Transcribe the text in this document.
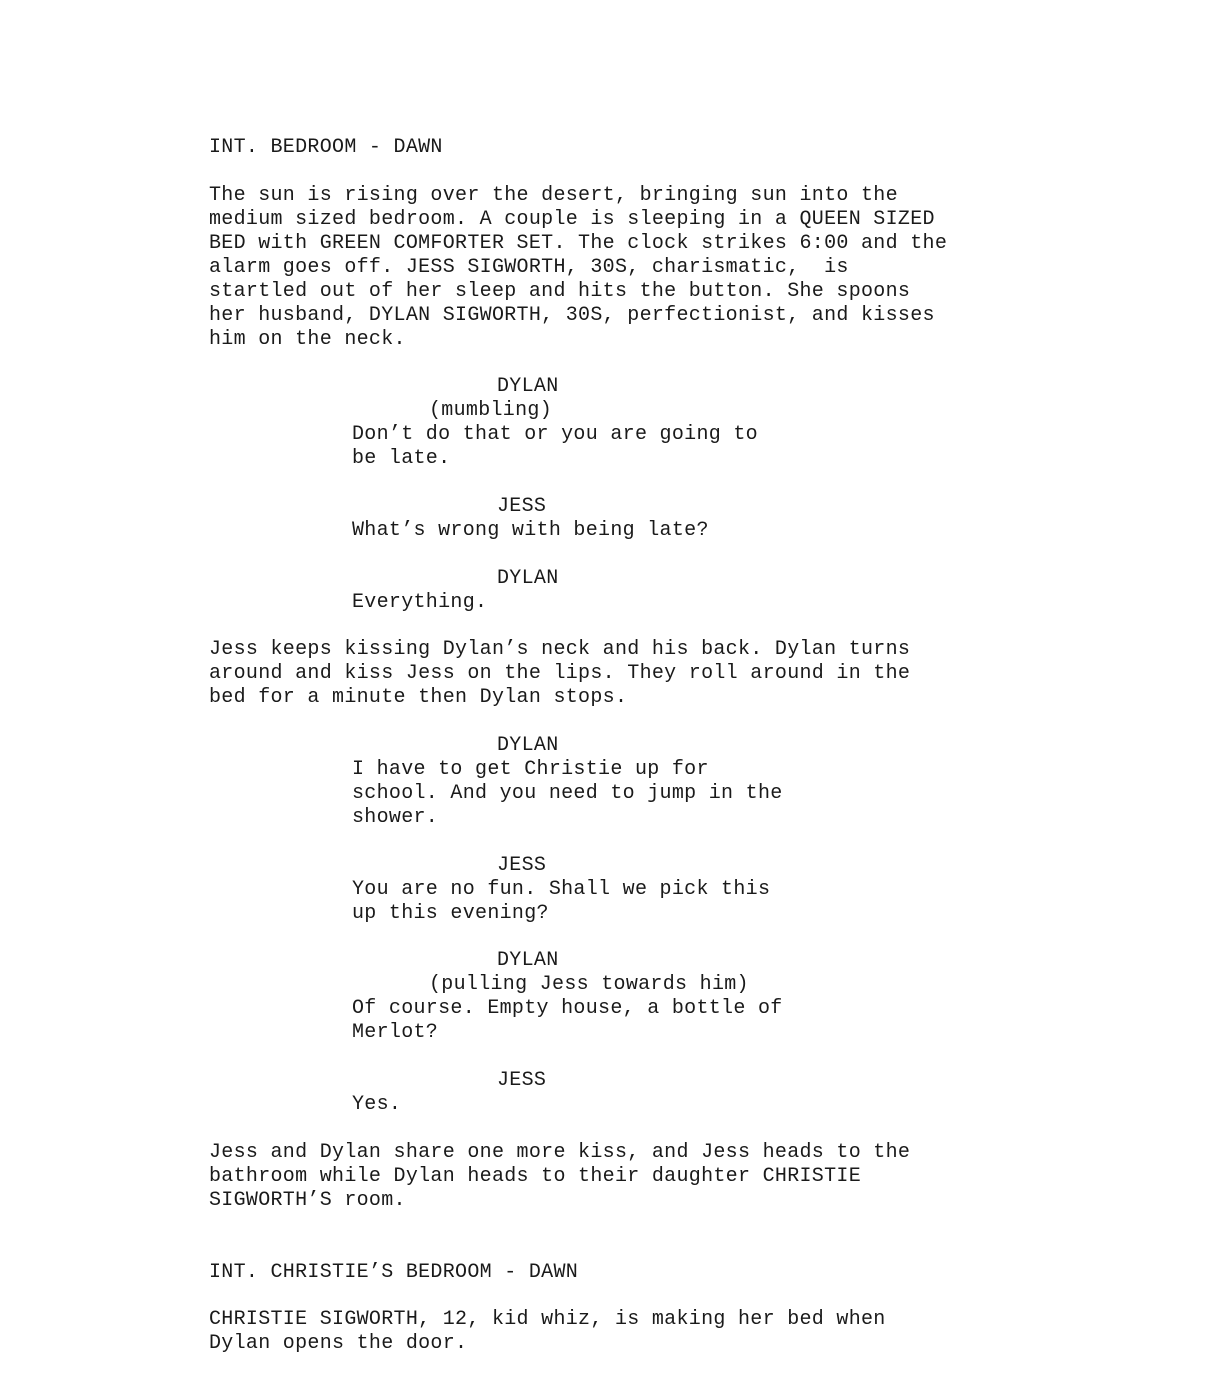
INT. BEDROOM - DAWN
The sun is rising over the desert, bringing sun into the
medium sized bedroom. A couple is sleeping in a QUEEN SIZED
BED with GREEN COMFORTER SET. The clock strikes 6:00 and the
alarm goes off. JESS SIGWORTH, 30S, charismatic,  is
startled out of her sleep and hits the button. She spoons
her husband, DYLAN SIGWORTH, 30S, perfectionist, and kisses
him on the neck.
DYLAN
(mumbling)
Don’t do that or you are going to
be late.
JESS
What’s wrong with being late?
DYLAN
Everything.
Jess keeps kissing Dylan’s neck and his back. Dylan turns
around and kiss Jess on the lips. They roll around in the
bed for a minute then Dylan stops.
DYLAN
I have to get Christie up for
school. And you need to jump in the
shower.
JESS
You are no fun. Shall we pick this
up this evening?
DYLAN
(pulling Jess towards him)
Of course. Empty house, a bottle of
Merlot?
JESS
Yes.
Jess and Dylan share one more kiss, and Jess heads to the
bathroom while Dylan heads to their daughter CHRISTIE
SIGWORTH’S room.
INT. CHRISTIE’S BEDROOM - DAWN
CHRISTIE SIGWORTH, 12, kid whiz, is making her bed when
Dylan opens the door.
